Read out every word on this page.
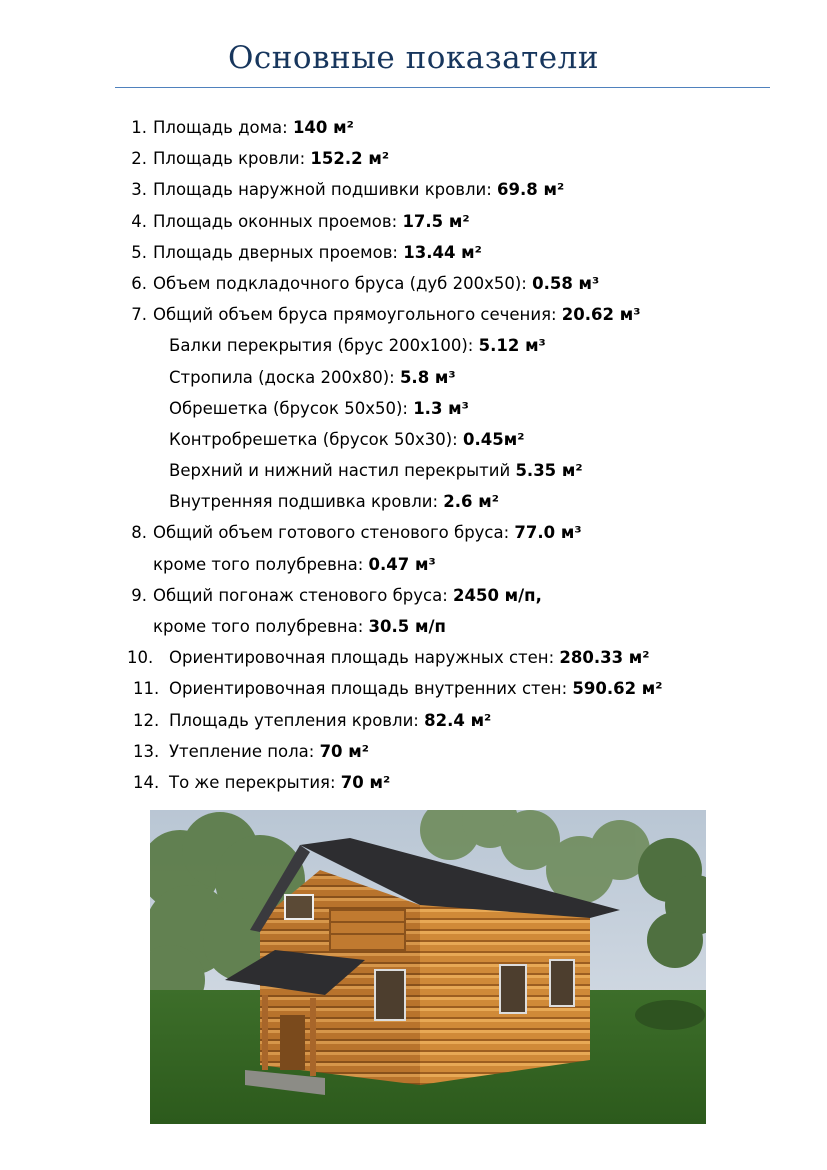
Основные показатели
1. Площадь дома: 140 м²
2. Площадь кровли: 152.2 м²
3. Площадь наружной подшивки кровли: 69.8 м²
4. Площадь оконных проемов: 17.5 м²
5. Площадь дверных проемов: 13.44 м²
6. Объем подкладочного бруса (дуб 200x50): 0.58 м³
7. Общий объем бруса прямоугольного сечения: 20.62 м³
Балки перекрытия (брус 200x100): 5.12 м³
Стропила (доска 200x80): 5.8 м³
Обрешетка (брусок 50x50): 1.3 м³
Контробрешетка (брусок 50x30): 0.45м²
Верхний и нижний настил перекрытий 5.35 м²
Внутренняя подшивка кровли: 2.6 м²
8. Общий объем готового стенового бруса: 77.0 м³
кроме того полубревна: 0.47 м³
9. Общий погонаж стенового бруса: 2450 м/п,
кроме того полубревна: 30.5 м/п
10. Ориентировочная площадь наружных стен: 280.33 м²
11. Ориентировочная площадь внутренних стен: 590.62 м²
12. Площадь утепления кровли: 82.4 м²
13. Утепление пола: 70 м²
14. То же перекрытия: 70 м²
